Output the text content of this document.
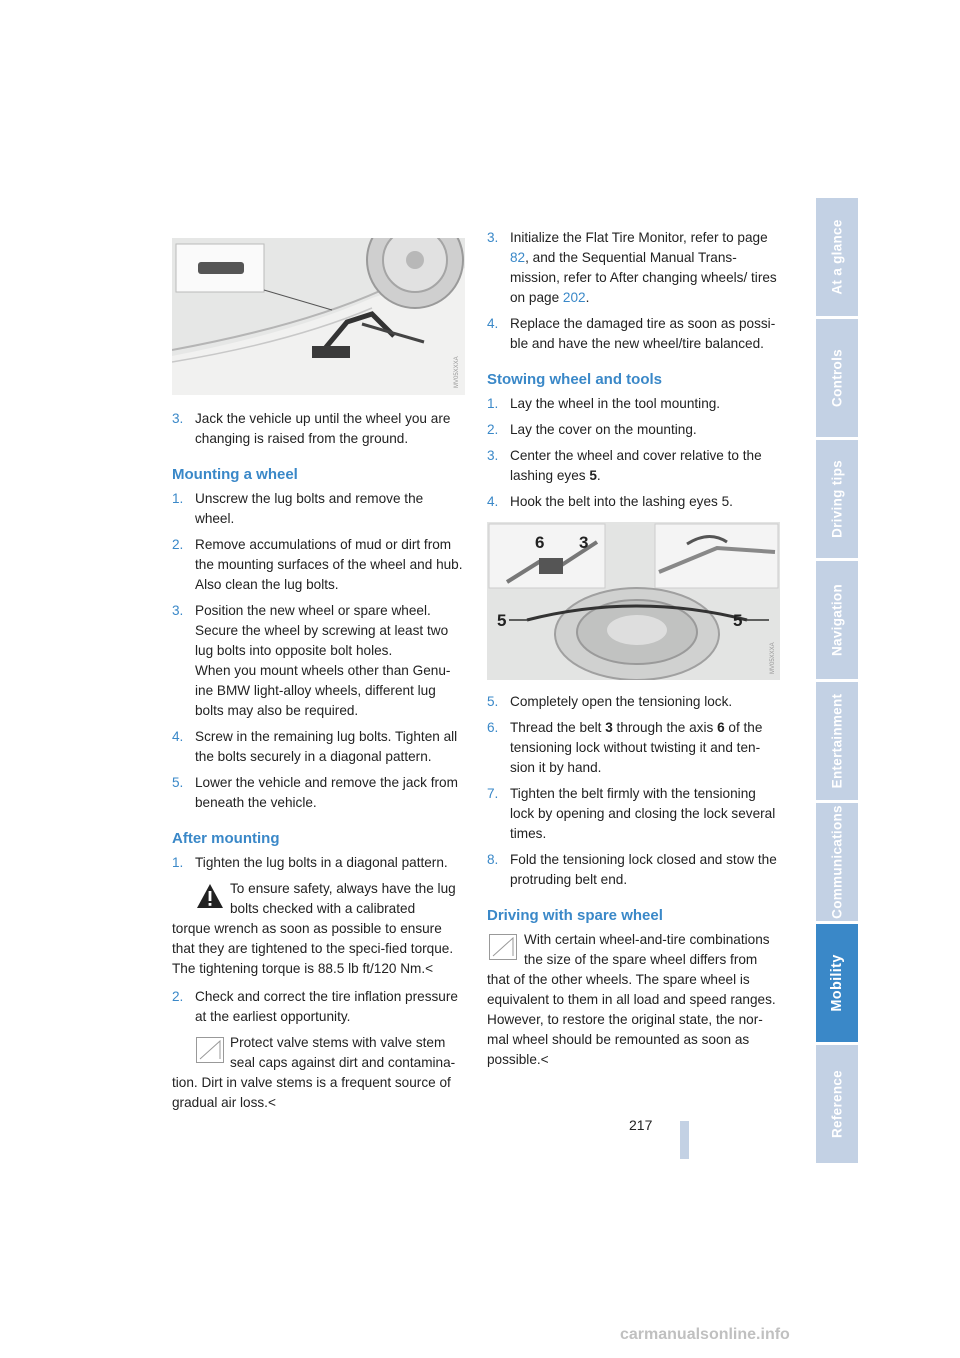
MV05XXXA
3. Jack the vehicle up until the wheel you are changing is raised from the ground.
Mounting a wheel
1. Unscrew the lug bolts and remove the wheel.
2. Remove accumulations of mud or dirt from the mounting surfaces of the wheel and hub. Also clean the lug bolts.
3. Position the new wheel or spare wheel. Secure the wheel by screwing at least two lug bolts into opposite bolt holes.
When you mount wheels other than Genu-ine BMW light-alloy wheels, different lug bolts may also be required.
4. Screw in the remaining lug bolts. Tighten all the bolts securely in a diagonal pattern.
5. Lower the vehicle and remove the jack from beneath the vehicle.
After mounting
1. Tighten the lug bolts in a diagonal pattern.
To ensure safety, always have the lug bolts checked with a calibrated
torque wrench as soon as possible to ensure that they are tightened to the speci-fied torque. The tightening torque is 88.5 lb ft/120 Nm.<
2. Check and correct the tire inflation pressure at the earliest opportunity.
Protect valve stems with valve stem seal caps against dirt and contamina-
tion. Dirt in valve stems is a frequent source of gradual air loss.<
3. Initialize the Flat Tire Monitor, refer to page 82, and the Sequential Manual Trans-mission, refer to After changing wheels/ tires on page 202.
4. Replace the damaged tire as soon as possi-ble and have the new wheel/tire balanced.
Stowing wheel and tools
1. Lay the wheel in the tool mounting.
2. Lay the cover on the mounting.
3. Center the wheel and cover relative to the lashing eyes 5.
4. Hook the belt into the lashing eyes 5.
6 3
5	5
MV05XXXA
5. Completely open the tensioning lock.
6. Thread the belt 3 through the axis 6 of the tensioning lock without twisting it and ten-sion it by hand.
7. Tighten the belt firmly with the tensioning lock by opening and closing the lock several times.
8. Fold the tensioning lock closed and stow the protruding belt end.
Driving with spare wheel
With certain wheel-and-tire combinations the size of the spare wheel differs from
that of the other wheels. The spare wheel is equivalent to them in all load and speed ranges. However, to restore the original state, the nor-mal wheel should be remounted as soon as possible.<
At a glance
Controls
Driving tips
Navigation
Entertainment
Communications
Mobility
Reference
217
carmanualsonline.info
